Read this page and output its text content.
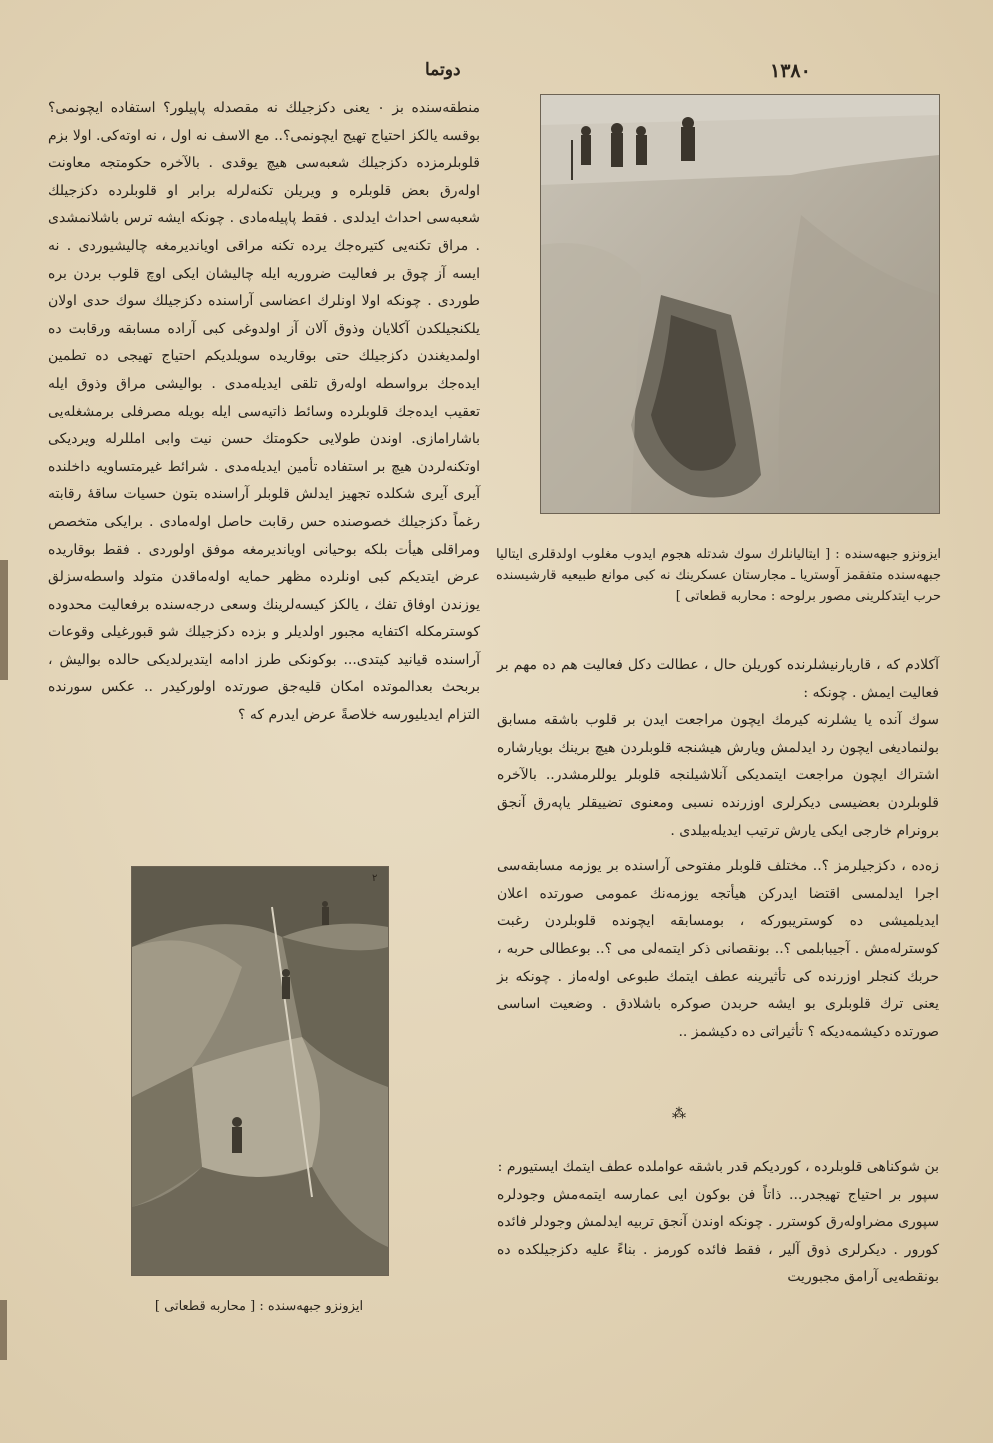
دوتما	١٣٨٠

منطقه‌سنده بز ٠ يعنى دكزجيلك نه مقصدله پاپيلور؟ استفاده ايچونمى؟ بوقسه يالكز احتياج تهيج ايچونمى؟.. مع الاسف نه اول ، نه اوته‌كى. اولا بزم قلوبلرمزده دكزجيلك شعبه‌سى هيچ يوقدى . بالآخره حكومتجه معاونت اوله‌رق بعض قلوبلره و ويريلن تكنه‌لرله برابر او قلوبلرده دكزجيلك شعبه‌سى احداث ايدلدى . فقط پاپيله‌مادى . چونكه ايشه ترس باشلانمشدى . مراق تكنه‌يى كتيره‌جك يرده تكنه مراقى اويانديرمغه چاليشيوردى . نه ايسه آز چوق بر فعاليت ضروريه ايله چاليشان ايكى اوچ قلوب بردن بره طوردى . چونكه اولا اونلرك اعضاسى آراسنده دكزجيلك سوك حدى اولان يلكنجيلكدن آكلايان وذوق آلان آز اولدوغى كبى آراده مسابقه ورقابت ده اولمديغندن دكزجيلك حتى بوقاريده سويلديكم احتياج تهيجى ده تطمين ايده‌جك برواسطه اوله‌رق تلقى ايديله‌مدى . بواليشى مراق وذوق ايله تعقيب ايده‌جك قلوبلرده وسائط ذاتيه‌سى ايله بويله مصرفلى برمشغله‌يى باشارامازى. اوندن طولايى حكومتك حسن نيت وابى امللرله ويرديكى اوتكنه‌لردن هيچ بر استفاده تأمين ايديله‌مدى . شرائط غيرمتساويه داخلنده آيرى آيرى شكلده تجهيز ايدلش قلوبلر آراسنده بتون حسيات ساقهٔ رقابته رغماً دكزجيلك خصوصنده حس رقابت حاصل اوله‌مادى . برايكى متخصص ومراقلى هيأت بلكه بوحيانى اويانديرمغه موفق اولوردى . فقط بوقاريده عرض ايتديكم كبى اونلرده مظهر حمايه اوله‌ماقدن متولد واسطه‌سزلق يوزندن اوفاق تفك ، يالكز كيسه‌لرينك وسعى درجه‌سنده برفعاليت محدوده كوسترمكله اكتفايه مجبور اولديلر و بزده دكزجيلك شو قبورغيلى وقوعات آراسنده قيانيد كيتدى... بوكونكى طرز ادامه ايتديرلديكى حالده بواليش ، بربحث بعدالموتده امكان قليه‌جق صورتده اولوركيدر .. عكس سورنده التزام ايديليورسه خلاصةً عرض ايدرم كه ؟

ايزونزو جبهه‌سنده : [ ايتاليانلرك سوك شدتله هجوم ايدوب مغلوب اولدقلرى ايتاليا جبهه‌سنده متفقمز آوستريا ـ مجارستان عسكرينك نه كبى موانع طبيعيه قارشيسنده حرب ايتدكلرينى مصور برلوحه : محاربه قطعاتى ]

آكلادم كه ، قاريارنيشلرنده كوريلن حال ، عطالت دكل فعاليت هم ده مهم بر فعاليت ايمش . چونكه :

سوك آنده يا يشلرنه كيرمك ايچون مراجعت ايدن بر قلوب باشقه مسابق بولنماديغى ايچون رد ايدلمش ويارش هيشنجه قلوبلردن هيچ برينك بويارشاره اشتراك ايچون مراجعت ايتمديكى آنلاشيلنجه قلوبلر يوللرمشدر.. بالآخره قلوبلردن بعضيسى ديكرلرى اوزرنده نسبى ومعنوى تضييقلر ياپه‌رق آنجق برونرام خارجى ايكى يارش ترتيب ايديله‌بيلدى .

زه‌ده ، دكزجيلرمز ؟.. مختلف قلوبلر مفتوحى آراسنده بر يوزمه مسابقه‌سى اجرا ايدلمسى اقتضا ايدركن هيأتجه يوزمه‌نك عمومى صورتده اعلان ايديلميشى ده كوستريبوركه ، بومسابقه ايچونده قلوبلردن رغبت كوسترله‌مش . آجيبابلمى ؟.. بونقصانى ذكر ايتمه‌لى مى ؟.. بوعطالى حربه ، حربك كنجلر اوزرنده كى تأثيرينه عطف ايتمك طبوعى اوله‌ماز . چونكه بز يعنى ترك قلوبلرى بو ايشه حربدن صوكره باشلادق . وضعيت اساسى صورتده دكيشمه‌ديكه ؟ تأثيراتى ده دكيشمز ..

⁂

بن شوكناهى قلوبلرده ، كورديكم قدر باشقه عواملده عطف ايتمك ايستيورم :

سپور بر احتياج تهيجدر... ذاتاً فن بوكون ايى عمارسه ايتمه‌مش وجودلره سپورى مضراوله‌رق كوسترر . چونكه اوندن آنجق تربيه ايدلمش وجودلر فائده كورور . ديكرلرى ذوق آلير ، فقط فائده كورمز . بناءً عليه دكزجيلكده ده بونقطه‌يى آرامق مجبوريت

٢
ايزونزو جبهه‌سنده : [ محاربه قطعاتى ]
